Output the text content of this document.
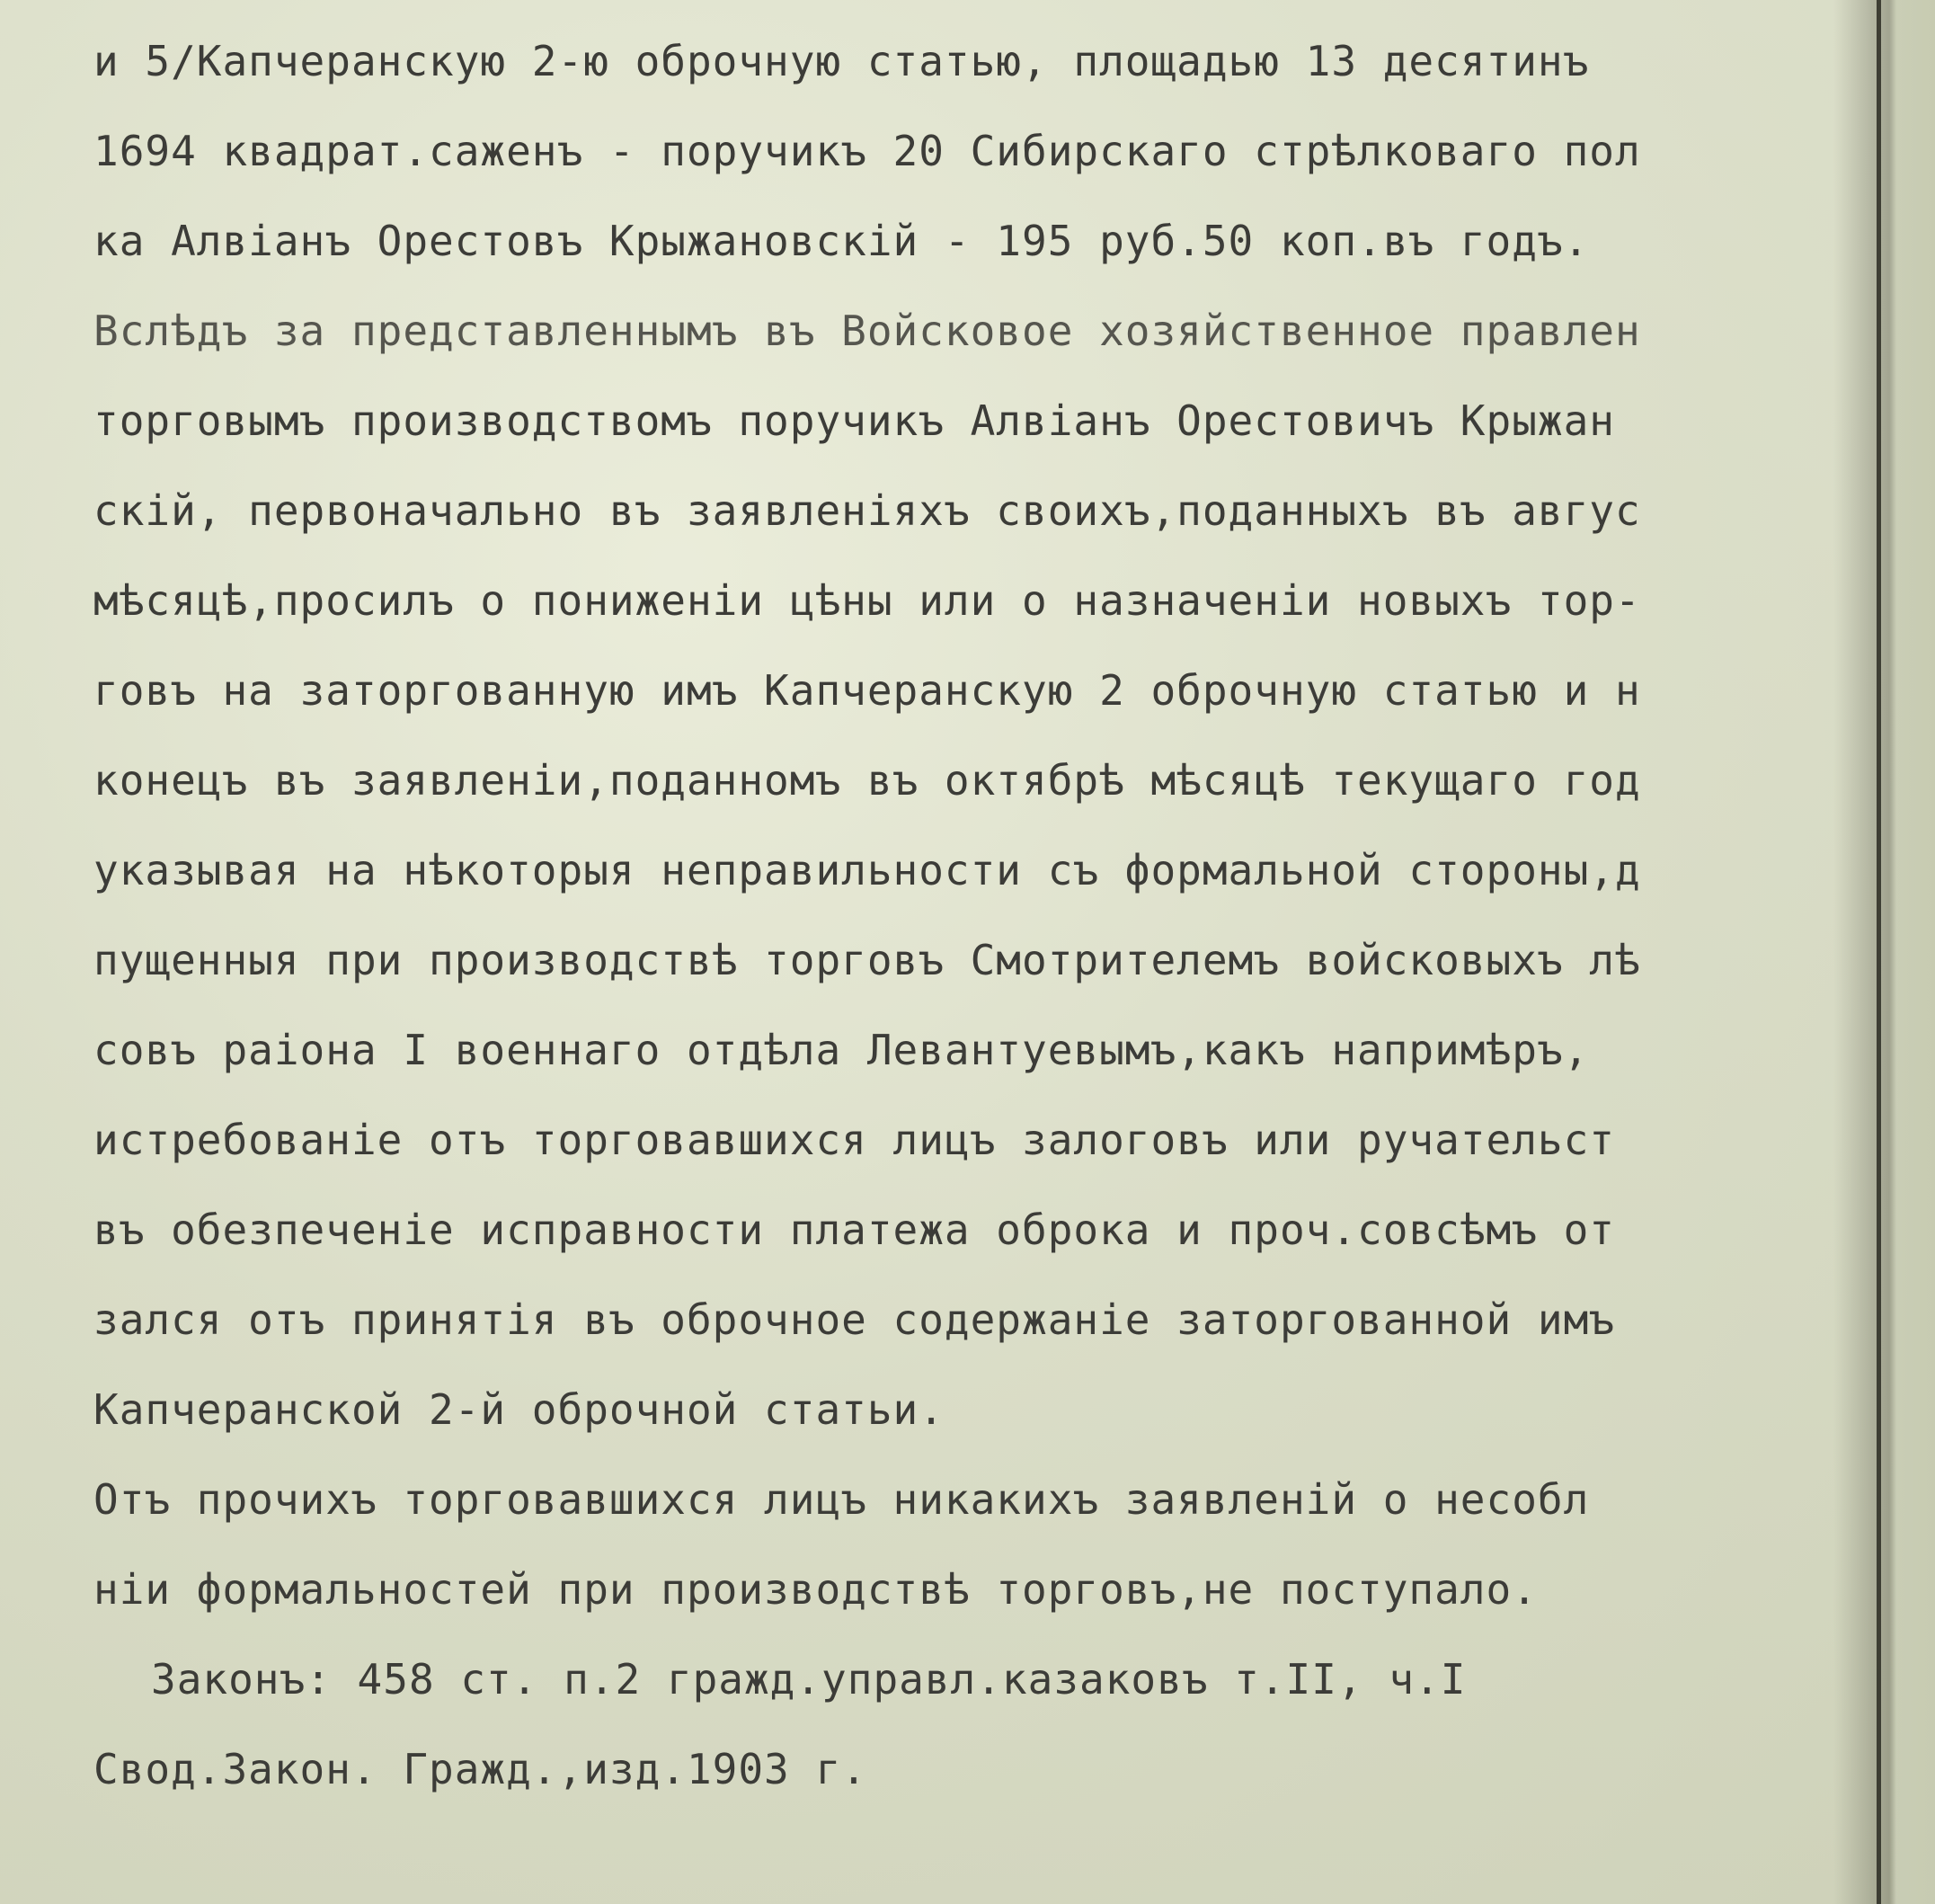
и 5/Капчеранскую 2-ю оброчную статью, площадью 13 десятинъ
1694 квадрат.саженъ - поручикъ 20 Сибирскаго стрѣлковаго пол
ка Алвіанъ Орестовъ Крыжановскій - 195 руб.50 коп.въ годъ.
Вслѣдъ за представленнымъ въ Войсковое хозяйственное правлен
торговымъ производствомъ поручикъ Алвіанъ Орестовичъ Крыжан
скій, первоначально въ заявленіяхъ своихъ,поданныхъ въ авгус
мѣсяцѣ,просилъ о пониженіи цѣны или о назначеніи новыхъ тор-
говъ на заторгованную имъ Капчеранскую 2 оброчную статью и н
конецъ въ заявленіи,поданномъ въ октябрѣ мѣсяцѣ текущаго год
указывая на нѣкоторыя неправильности съ формальной стороны,д
пущенныя при производствѣ торговъ Смотрителемъ войсковыхъ лѣ
совъ раіона I военнаго отдѣла Левантуевымъ,какъ напримѣръ,
истребованіе отъ торговавшихся лицъ залоговъ или ручательст
въ обезпеченіе исправности платежа оброка и проч.совсѣмъ от
зался отъ принятія въ оброчное содержаніе заторгованной имъ
Капчеранской 2-й оброчной статьи.
Отъ прочихъ торговавшихся лицъ никакихъ заявленій о несобл
ніи формальностей при производствѣ торговъ,не поступало.
Законъ: 458 ст. п.2 гражд.управл.казаковъ т.II, ч.I
Свод.Закон. Гражд.,изд.1903 г.
